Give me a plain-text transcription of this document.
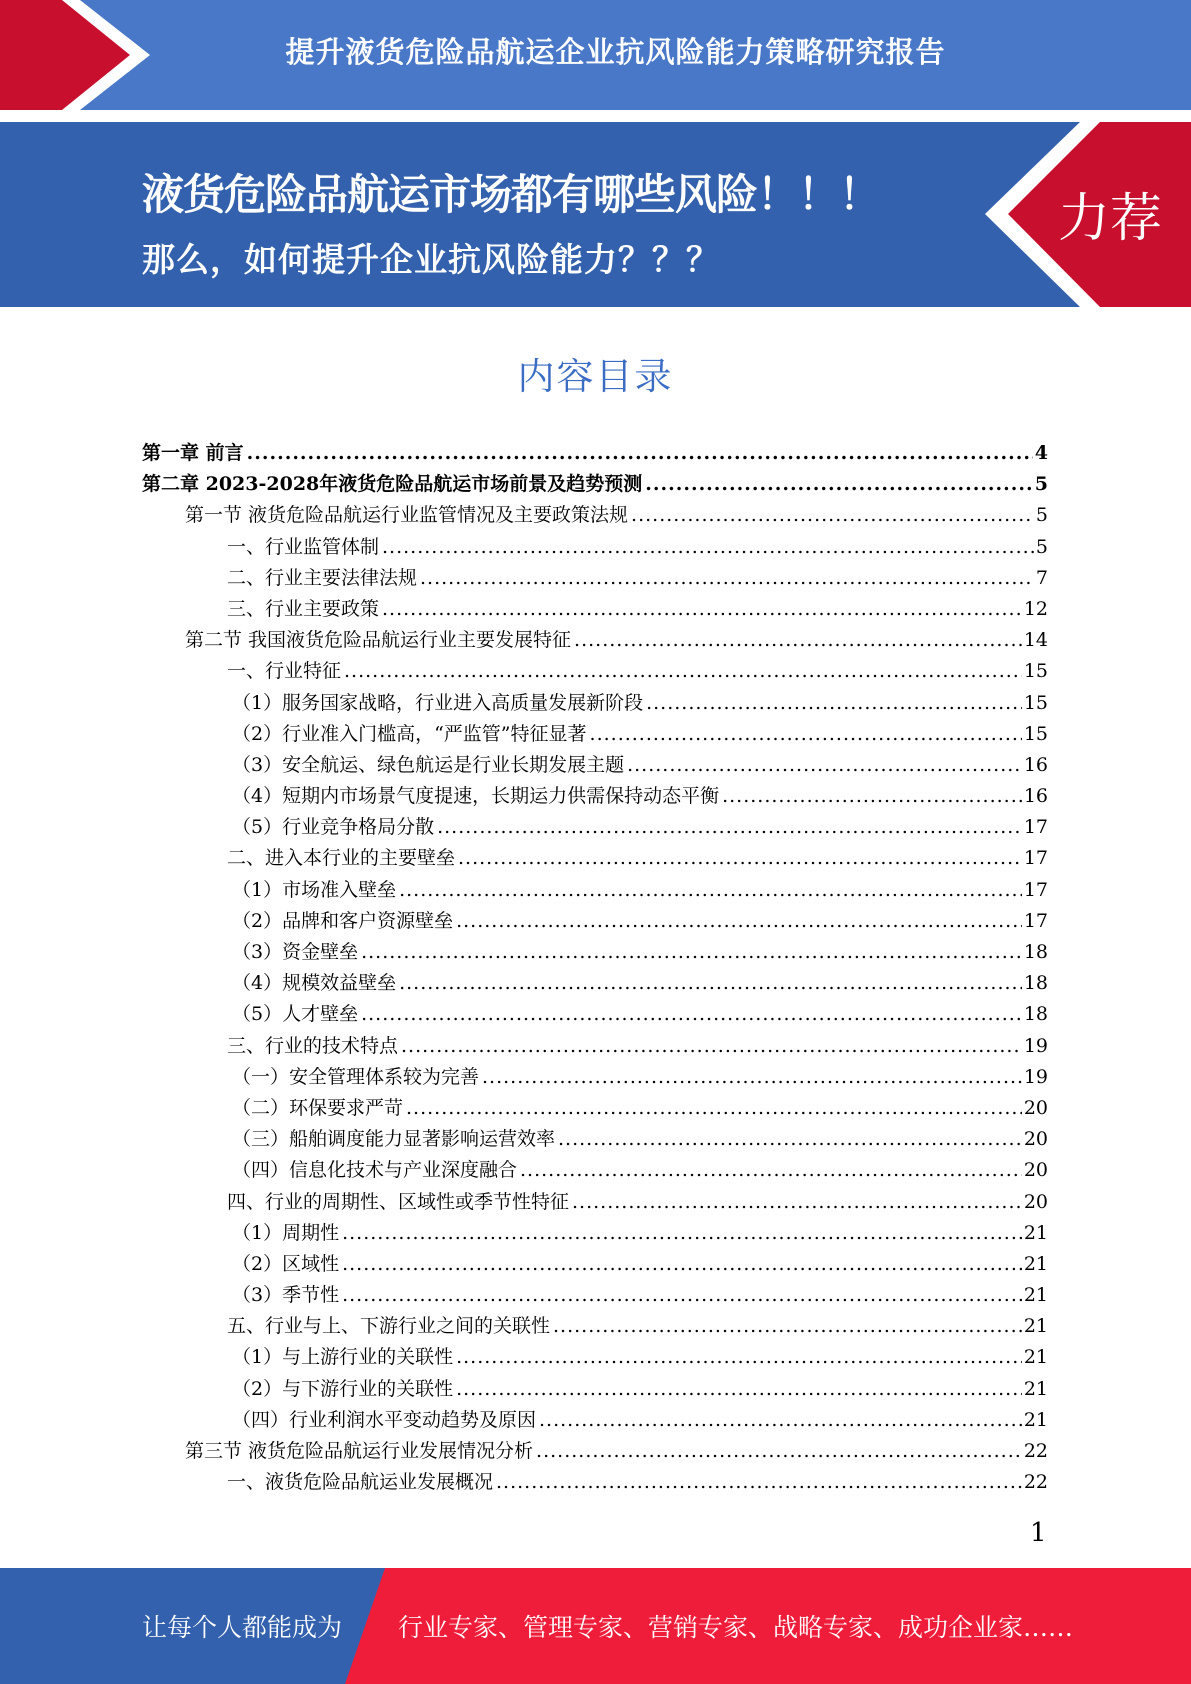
提升液货危险品航运企业抗风险能力策略研究报告
液货危险品航运市场都有哪些风险！！！
那么，如何提升企业抗风险能力？？？
力荐
内容目录
第一章 前言 .....	4
第二章 2023-2028年液货危险品航运市场前景及趋势预测 .....	5
第一节 液货危险品航运行业监管情况及主要政策法规 .....	5
一、行业监管体制 .....	5
二、行业主要法律法规 .....	7
三、行业主要政策 .....	12
第二节 我国液货危险品航运行业主要发展特征 .....	14
一、行业特征 .....	15
（1）服务国家战略，行业进入高质量发展新阶段 .....	15
（2）行业准入门槛高，“严监管”特征显著 .....	15
（3）安全航运、绿色航运是行业长期发展主题 .....	16
（4）短期内市场景气度提速，长期运力供需保持动态平衡 .....	16
（5）行业竞争格局分散 .....	17
二、进入本行业的主要壁垒 .....	17
（1）市场准入壁垒 .....	17
（2）品牌和客户资源壁垒 .....	17
（3）资金壁垒 .....	18
（4）规模效益壁垒 .....	18
（5）人才壁垒 .....	18
三、行业的技术特点 .....	19
（一）安全管理体系较为完善 .....	19
（二）环保要求严苛 .....	20
（三）船舶调度能力显著影响运营效率 .....	20
（四）信息化技术与产业深度融合 .....	20
四、行业的周期性、区域性或季节性特征 .....	20
（1）周期性 .....	21
（2）区域性 .....	21
（3）季节性 .....	21
五、行业与上、下游行业之间的关联性 .....	21
（1）与上游行业的关联性 .....	21
（2）与下游行业的关联性 .....	21
（四）行业利润水平变动趋势及原因 .....	21
第三节 液货危险品航运行业发展情况分析 .....	22
一、液货危险品航运业发展概况 .....	22
1
让每个人都能成为 行业专家、管理专家、营销专家、战略专家、成功企业家……
